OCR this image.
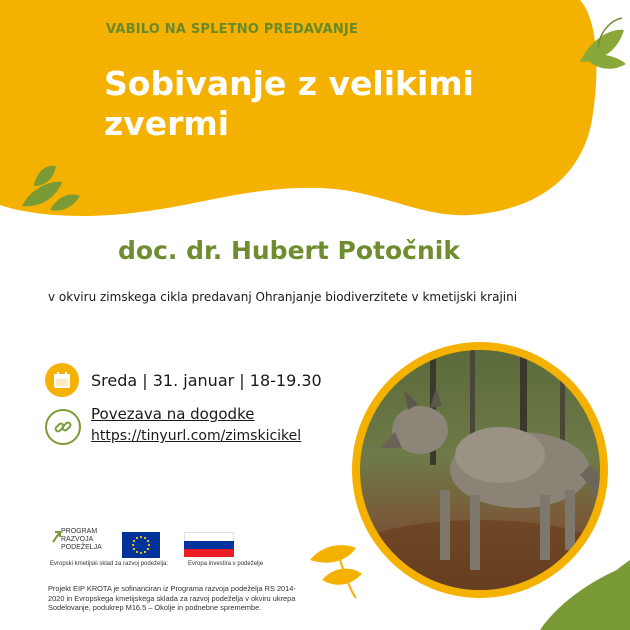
VABILO NA SPLETNO PREDAVANJE
Sobivanje z velikimi zvermi
doc. dr. Hubert Potočnik
v okviru zimskega cikla predavanj Ohranjanje biodiverzitete v kmetijski krajini
Sreda | 31. januar | 18-19.30
Povezava na dogodke
https://tinyurl.com/zimskicikel
PROGRAM
RAZVOJA
PODEŽELJA
Evropski kmetijski sklad za razvoj podeželja:	Evropa investira v podeželje
Projekt EIP KROTA je sofinanciran iz Programa razvoja podeželja RS 2014-2020 in Evropskega kmetijskega sklada za razvoj podeželja v okviru ukrepa Sodelovanje, podukrep M16.5 – Okolje in podnebne spremembe.
